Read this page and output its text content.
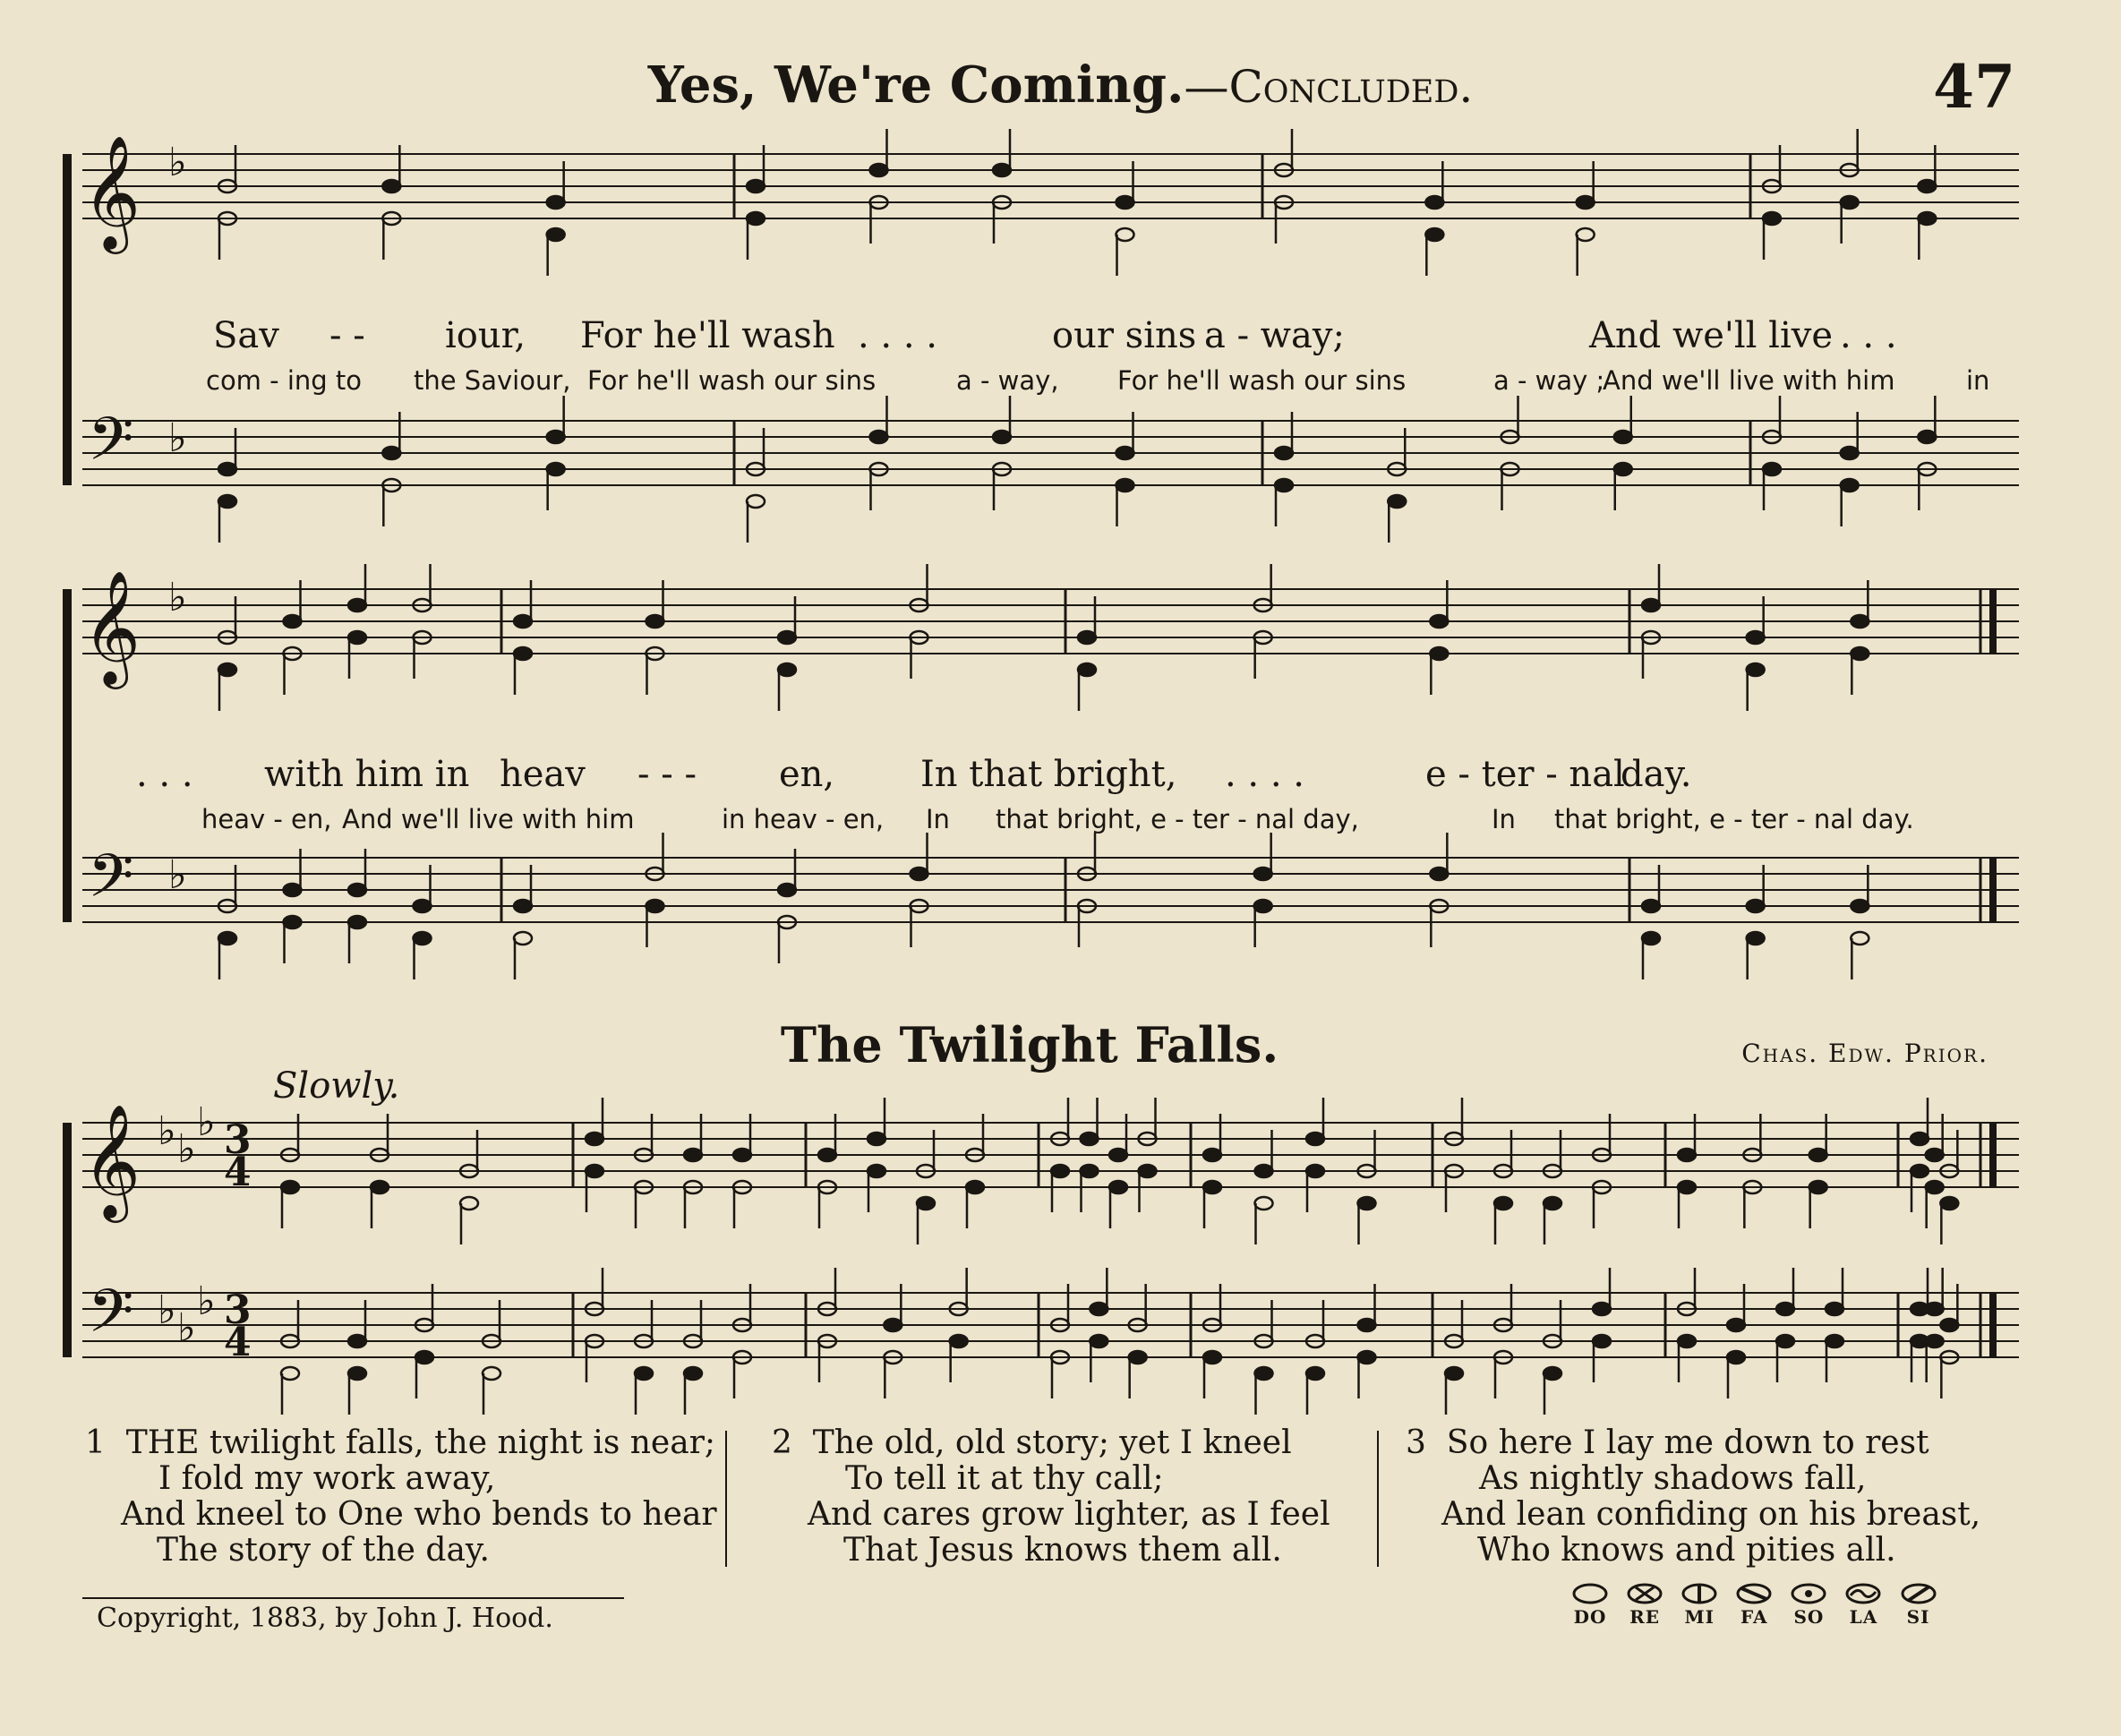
𝄞
𝄢
♭
♭
𝄞
𝄢
♭
♭
𝄞
𝄢
♭ ♭
♭
♭ ♭
♭
3
4
3
4
Yes, We're Coming.—Concluded.	47
Sav - - iour, For he'll wash . . . .	our sins a - way;	And we'll live . . .
com - ing to the Saviour, For he'll wash our sins	a - way, For he'll wash our sins	a - way ;
And we'll live with him	in
. . . with him in heav - - - en, In that bright, . . . .	e - ter - nal
day.
heav - en, And we'll live with him	in heav - en, In that bright, e - ter - nal day,	In that bright, e - ter - nal day.
The Twilight Falls.	Chas. Edw. Prior.
Slowly.
1 THE twilight falls, the night is near;
I fold my work away,
And kneel to One who bends to hear
The story of the day.
2 The old, old story; yet I kneel
To tell it at thy call;
And cares grow lighter, as I feel
That Jesus knows them all.
3 So here I lay me down to rest
As nightly shadows fall,
And lean confiding on his breast,
Who knows and pities all.
Copyright, 1883, by John J. Hood.	DO RE MI FA SO LA SI
